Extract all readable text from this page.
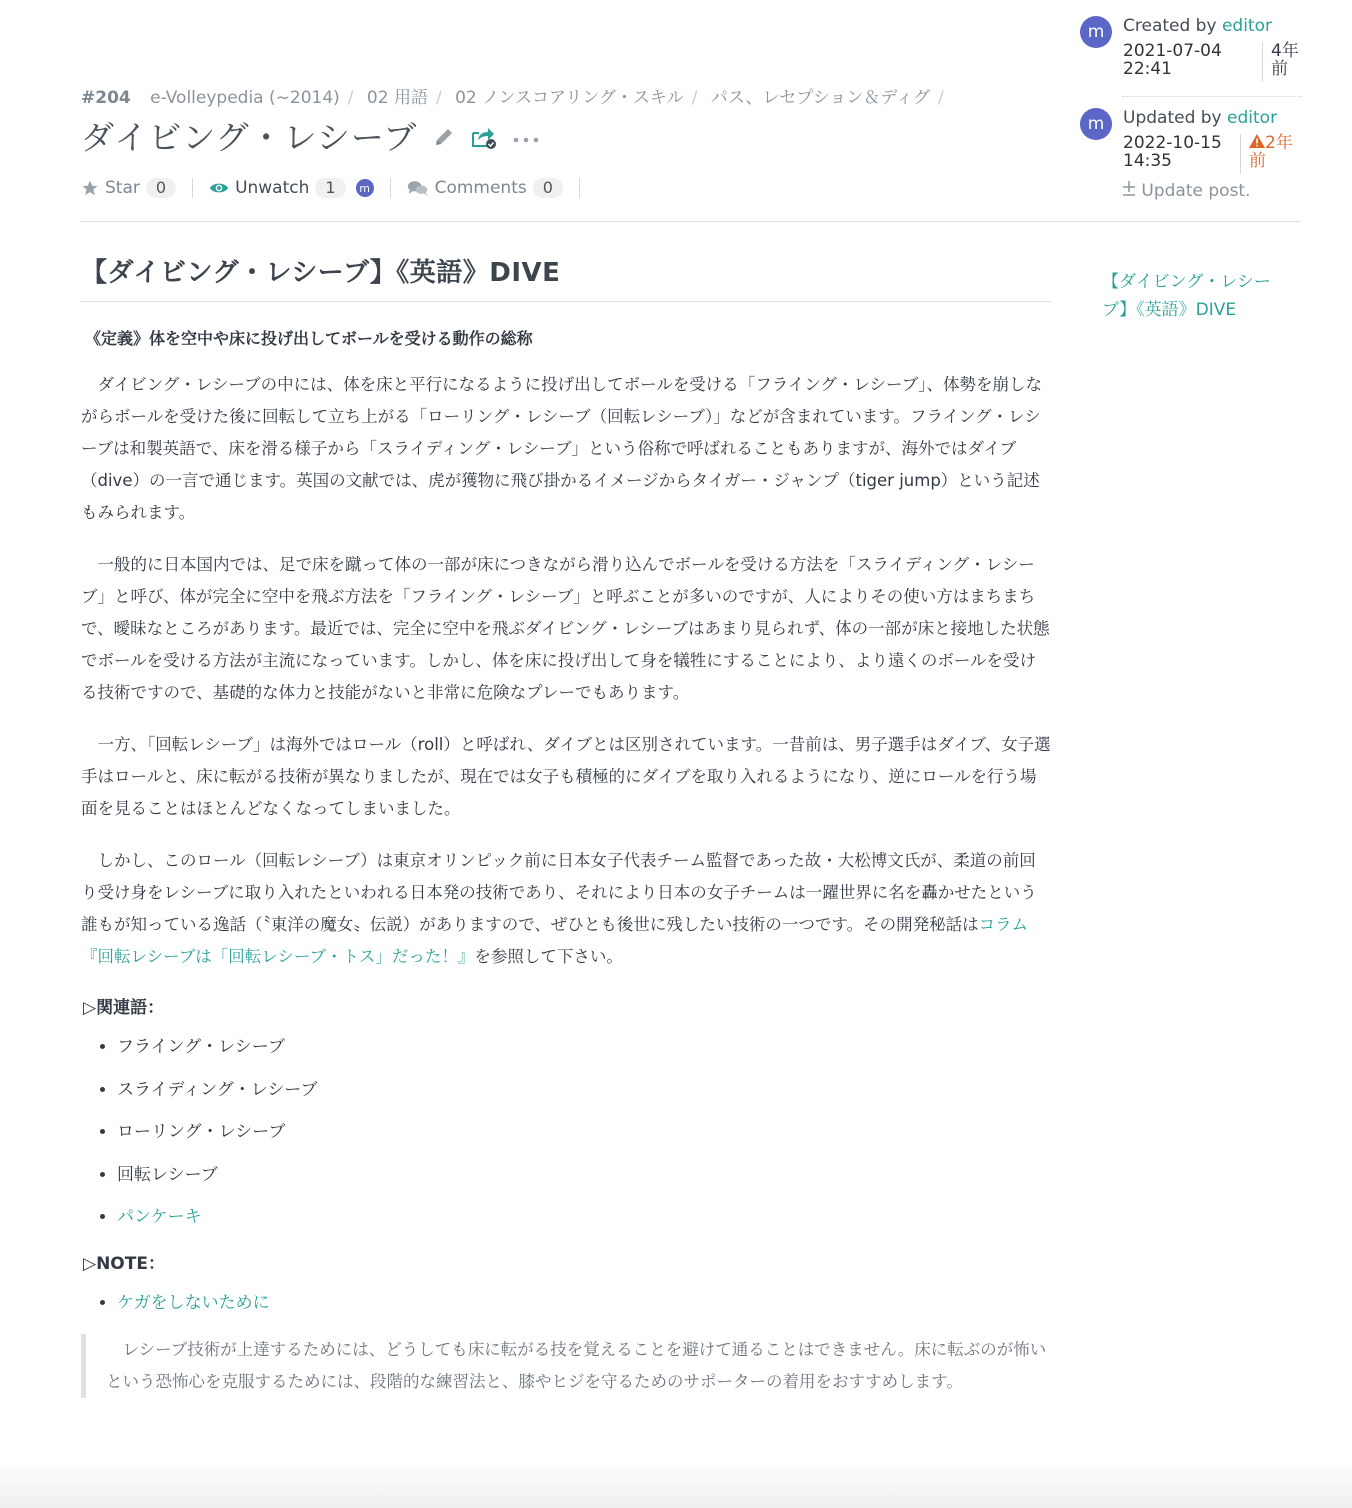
#204 e-Volleypedia (~2014) / 02 用語 / 02 ノンスコアリング・スキル / パス、レセプション＆ディグ /
ダイビング・レシーブ
Star	0	Unwatch	1	m	Comments	0
m	Created by editor
2021-07-04
22:41
4年
前
m	Updated by editor
2022-10-15
14:35
2年
前
Update post.
【ダイビング・レシーブ】《英語》DIVE
【ダイビング・レシーブ】《英語》DIVE
《定義》体を空中や床に投げ出してボールを受ける動作の総称

ダイビング・レシーブの中には、体を床と平行になるように投げ出してボールを受ける「フライング・レシーブ」、体勢を崩しながらボールを受けた後に回転して立ち上がる「ローリング・レシーブ（回転レシーブ）」などが含まれています。フライング・レシーブは和製英語で、床を滑る様子から「スライディング・レシーブ」という俗称で呼ばれることもありますが、海外ではダイブ（dive）の一言で通じます。英国の文献では、虎が獲物に飛び掛かるイメージからタイガー・ジャンプ（tiger jump）という記述もみられます。

一般的に日本国内では、足で床を蹴って体の一部が床につきながら滑り込んでボールを受ける方法を「スライディング・レシーブ」と呼び、体が完全に空中を飛ぶ方法を「フライング・レシーブ」と呼ぶことが多いのですが、人によりその使い方はまちまちで、曖昧なところがあります。最近では、完全に空中を飛ぶダイビング・レシーブはあまり見られず、体の一部が床と接地した状態でボールを受ける方法が主流になっています。しかし、体を床に投げ出して身を犠牲にすることにより、より遠くのボールを受ける技術ですので、基礎的な体力と技能がないと非常に危険なプレーでもあります。

一方、「回転レシーブ」は海外ではロール（roll）と呼ばれ、ダイブとは区別されています。一昔前は、男子選手はダイブ、女子選手はロールと、床に転がる技術が異なりましたが、現在では女子も積極的にダイブを取り入れるようになり、逆にロールを行う場面を見ることはほとんどなくなってしまいました。

しかし、このロール（回転レシーブ）は東京オリンピック前に日本女子代表チーム監督であった故・大松博文氏が、柔道の前回り受け身をレシーブに取り入れたといわれる日本発の技術であり、それにより日本の女子チームは一躍世界に名を轟かせたという誰もが知っている逸話（〝東洋の魔女〟伝説）がありますので、ぜひとも後世に残したい技術の一つです。その開発秘話はコラム『回転レシーブは「回転レシーブ・トス」だった！』を参照して下さい。

▷関連語：
• フライング・レシーブ
• スライディング・レシーブ
• ローリング・レシーブ
• 回転レシーブ
• パンケーキ
▷NOTE：
• ケガをしないために

レシーブ技術が上達するためには、どうしても床に転がる技を覚えることを避けて通ることはできません。床に転ぶのが怖いという恐怖心を克服するためには、段階的な練習法と、膝やヒジを守るためのサポーターの着用をおすすめします。
